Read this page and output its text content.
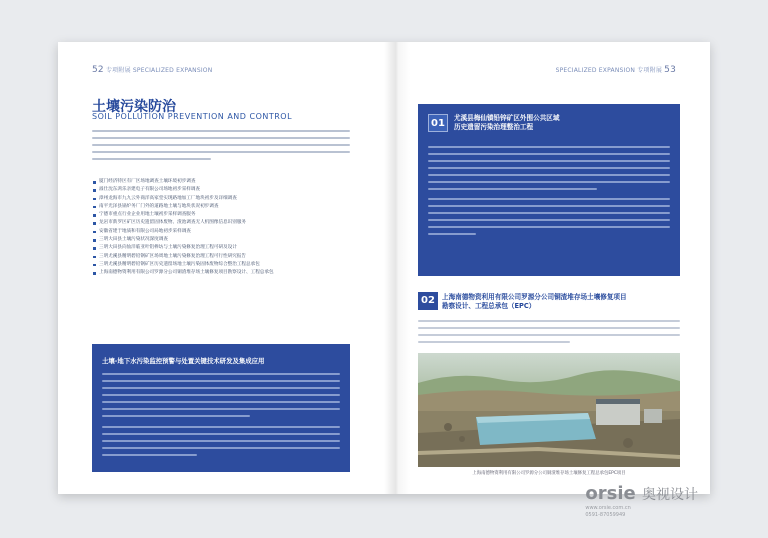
52 专项附展 SPECIALIZED EXPANSION
土壤污染防治
SOIL POLLUTION PREVENTION AND CONTROL
厦门经济特区有厂区场地调查土壤环境初步调查
溢仕沈东鸿乐亲建电子有限公司场地初步采样调查
漳州龙海市九九云外商洋高家堂实现路地加工厂地块初步及详细调查
南平光泽县锅炉务厂门外的道路地土壤与地块状况初步调查
宁德市重点行业企业用地土壤初步采样调查服务
龙岩市新罗区矿区历史遗留固体废物、渣池调查无人机图像信息识别服务
安徽省建于地质和有限公司局地初步采样调查
三明大田县土壤污染状况深度调查
三明大田县向仙洋临亚叶铝棒坊与土壤污染修复治理工程可研及设计
三明尤溪县精明碧铅钢矿区场周地土壤污染修复治理工程可行性研究报告
三明尤溪县精明碧铅钢矿区历史遗留场地土壤污染固体废物综合整治工程总承包
上海南德物资利用有限公司罗源分公司铜渣堆存场土壤修复项目勘察设计、工程总承包
土壤-地下水污染监控预警与处置关键技术研发及集成应用
SPECIALIZED EXPANSION 专项附展 53
01	尤溪县梅仙镇铅锌矿区外围公共区域
历史遗留污染治理整治工程
02	上海南德物资利用有限公司罗源分公司铜渣堆存场土壤修复项目
勘察设计、工程总承包（EPC）
上海南德物资利用有限公司罗源分公司铜渣堆存场土壤修复工程总承包EPC项目
orsie 奥视设计
www.orsie.com.cn
0591-87059949
